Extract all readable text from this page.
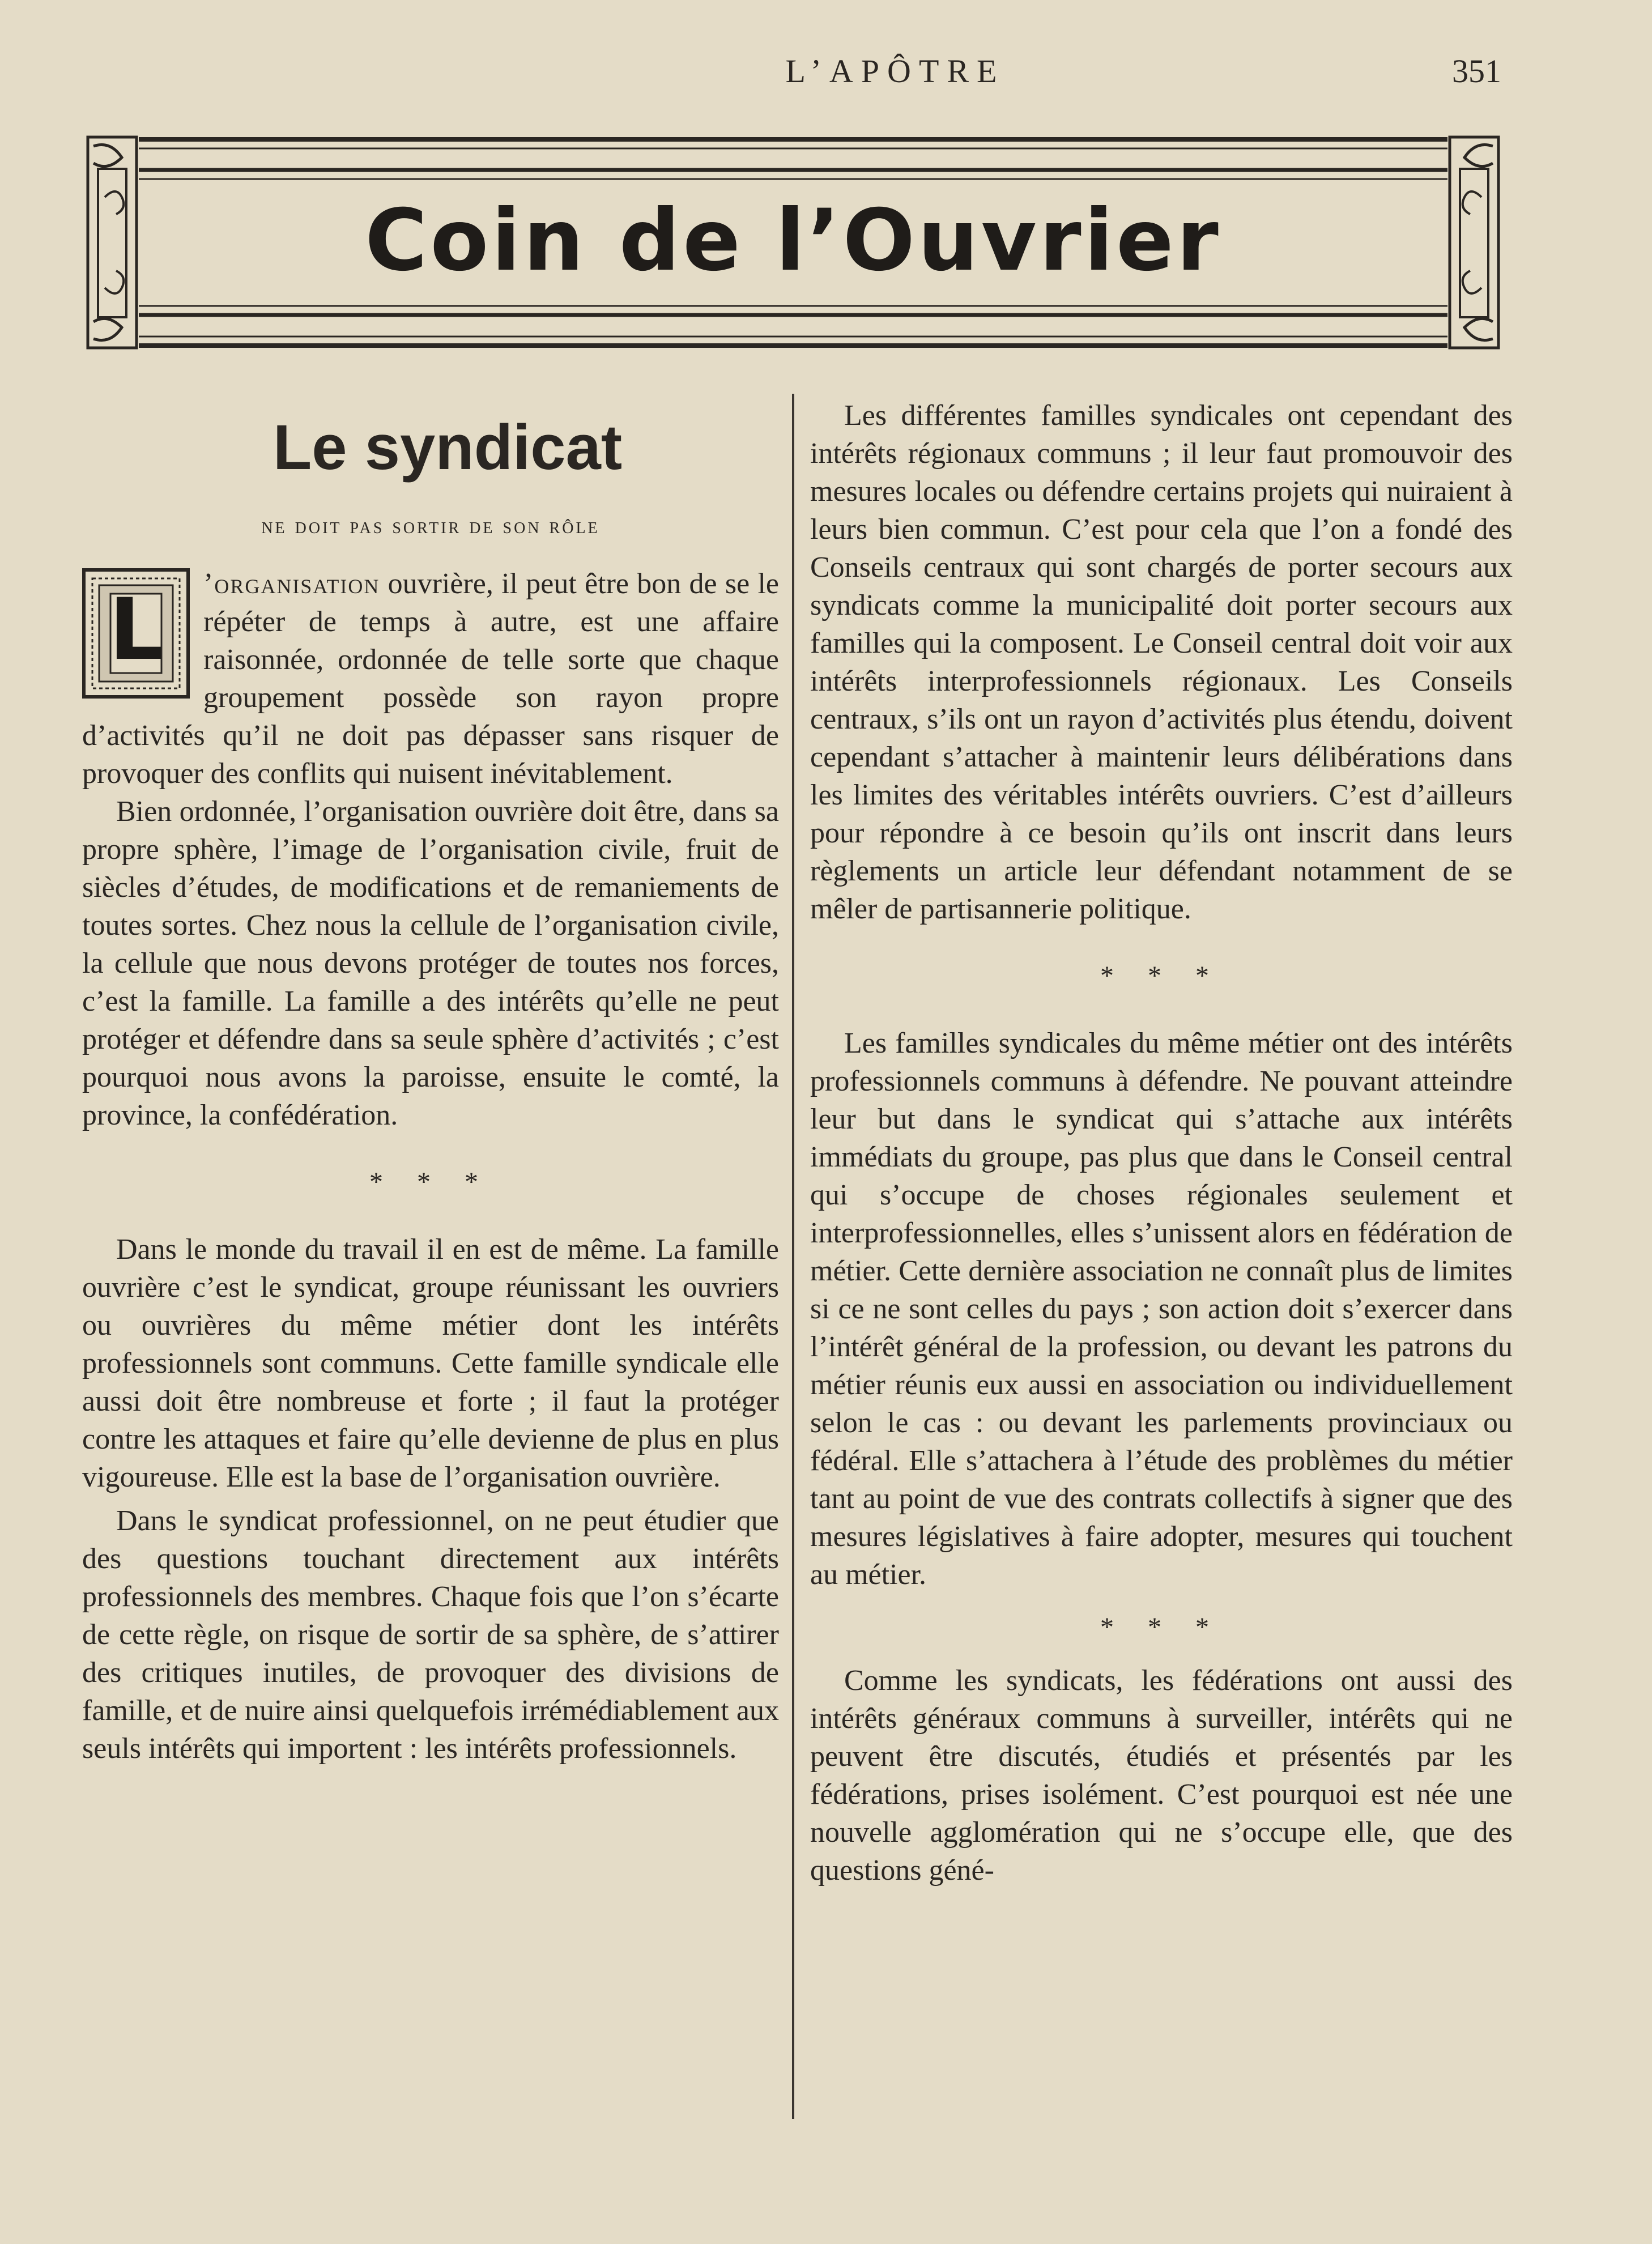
L’APÔTRE	351
Coin de l’Ouvrier
Le syndicat
ne doit pas sortir de son rôle
L	’organisation ouvrière, il peut être bon de se le répéter de temps à autre, est une affaire raisonnée, ordonnée de telle sorte que chaque groupement possède son rayon propre d’activités qu’il ne doit pas dépasser sans risquer de provoquer des conflits qui nuisent inévitablement.

Bien ordonnée, l’organisation ouvrière doit être, dans sa propre sphère, l’image de l’organisation civile, fruit de siècles d’études, de modifications et de remaniements de toutes sortes. Chez nous la cellule de l’organisation civile, la cellule que nous devons protéger de toutes nos forces, c’est la famille. La famille a des intérêts qu’elle ne peut protéger et défendre dans sa seule sphère d’activités ; c’est pourquoi nous avons la paroisse, ensuite le comté, la province, la confédération.

* * *

Dans le monde du travail il en est de même. La famille ouvrière c’est le syndicat, groupe réunissant les ouvriers ou ouvrières du même métier dont les intérêts professionnels sont communs. Cette famille syndicale elle aussi doit être nombreuse et forte ; il faut la protéger contre les attaques et faire qu’elle devienne de plus en plus vigoureuse. Elle est la base de l’organisation ouvrière.

Dans le syndicat professionnel, on ne peut étudier que des questions touchant directement aux intérêts professionnels des membres. Chaque fois que l’on s’écarte de cette règle, on risque de sortir de sa sphère, de s’attirer des critiques inutiles, de provoquer des divisions de famille, et de nuire ainsi quelquefois irrémédiablement aux seuls intérêts qui importent : les intérêts professionnels.

Les différentes familles syndicales ont cependant des intérêts régionaux communs ; il leur faut promouvoir des mesures locales ou défendre certains projets qui nuiraient à leurs bien commun. C’est pour cela que l’on a fondé des Conseils centraux qui sont chargés de porter secours aux syndicats comme la municipalité doit porter secours aux familles qui la composent. Le Conseil central doit voir aux intérêts interprofessionnels régionaux. Les Conseils centraux, s’ils ont un rayon d’activités plus étendu, doivent cependant s’attacher à maintenir leurs délibérations dans les limites des véritables intérêts ouvriers. C’est d’ailleurs pour répondre à ce besoin qu’ils ont inscrit dans leurs règlements un article leur défendant notamment de se mêler de partisannerie politique.

* * *

Les familles syndicales du même métier ont des intérêts professionnels communs à défendre. Ne pouvant atteindre leur but dans le syndicat qui s’attache aux intérêts immédiats du groupe, pas plus que dans le Conseil central qui s’occupe de choses régionales seulement et interprofessionnelles, elles s’unissent alors en fédération de métier. Cette dernière association ne connaît plus de limites si ce ne sont celles du pays ; son action doit s’exercer dans l’intérêt général de la profession, ou devant les patrons du métier réunis eux aussi en association ou individuellement selon le cas : ou devant les parlements provinciaux ou fédéral. Elle s’attachera à l’étude des problèmes du métier tant au point de vue des contrats collectifs à signer que des mesures législatives à faire adopter, mesures qui touchent au métier.

* * *

Comme les syndicats, les fédérations ont aussi des intérêts généraux communs à surveiller, intérêts qui ne peuvent être discutés, étudiés et présentés par les fédérations, prises isolément. C’est pourquoi est née une nouvelle agglomération qui ne s’occupe elle, que des questions géné-
